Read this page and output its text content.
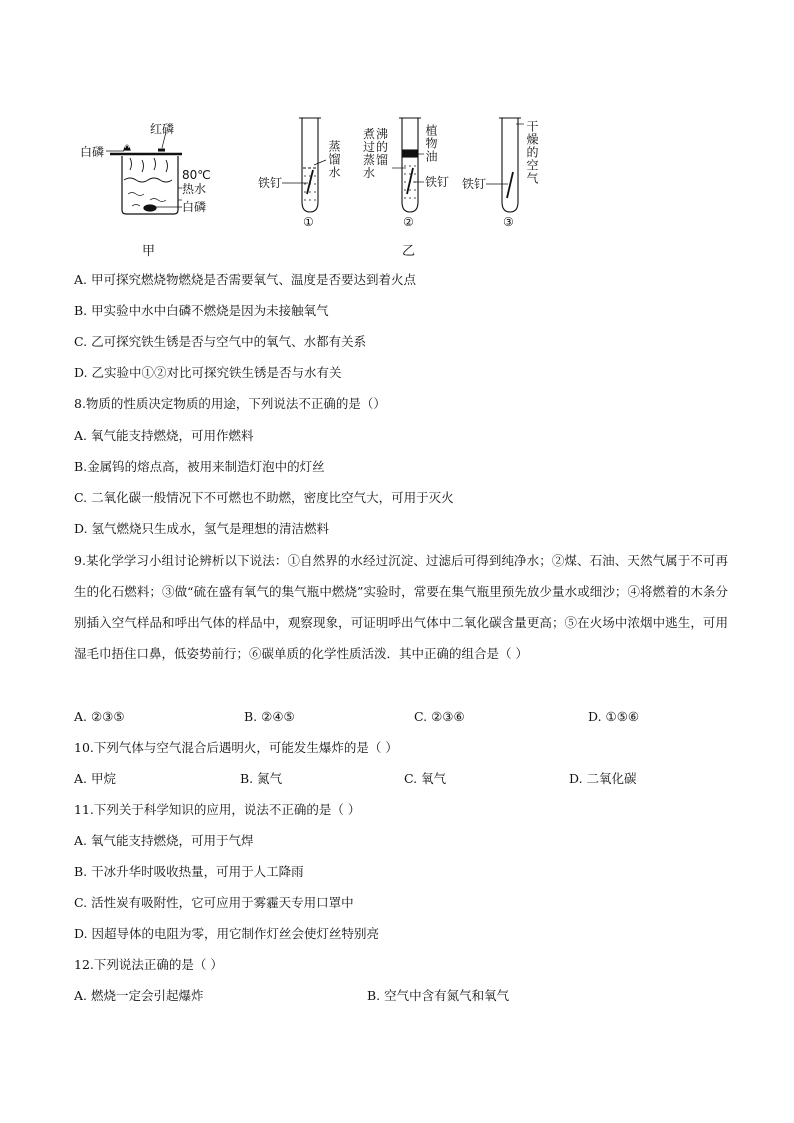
红磷
白磷
80℃
热水
白磷
甲
铁钉
蒸馏水
①
煮沸过的蒸馏水
植物油
铁钉
②
铁钉	干燥的空气
③
乙
A. 甲可探究燃烧物燃烧是否需要氧气、温度是否要达到着火点
B. 甲实验中水中白磷不燃烧是因为未接触氧气
C. 乙可探究铁生锈是否与空气中的氧气、水都有关系
D. 乙实验中①②对比可探究铁生锈是否与水有关
8.物质的性质决定物质的用途，下列说法不正确的是（）
A. 氧气能支持燃烧，可用作燃料
B.金属钨的熔点高，被用来制造灯泡中的灯丝
C. 二氧化碳一般情况下不可燃也不助燃，密度比空气大，可用于灭火
D. 氢气燃烧只生成水，氢气是理想的清洁燃料
9.某化学学习小组讨论辨析以下说法：①自然界的水经过沉淀、过滤后可得到纯净水；②煤、石油、天然气属于不可再生的化石燃料；③做“硫在盛有氧气的集气瓶中燃烧”实验时，常要在集气瓶里预先放少量水或细沙；④将燃着的木条分别插入空气样品和呼出气体的样品中，观察现象，可证明呼出气体中二氧化碳含量更高；⑤在火场中浓烟中逃生，可用湿毛巾捂住口鼻，低姿势前行；⑥碳单质的化学性质活泼．其中正确的组合是（ ）
A. ②③⑤	B. ②④⑤	C. ②③⑥	D. ①⑤⑥
10.下列气体与空气混合后遇明火，可能发生爆炸的是（ ）
A. 甲烷	B. 氮气	C. 氧气	D. 二氧化碳
11.下列关于科学知识的应用，说法不正确的是（ ）
A. 氧气能支持燃烧，可用于气焊
B. 干冰升华时吸收热量，可用于人工降雨
C. 活性炭有吸附性，它可应用于雾霾天专用口罩中
D. 因超导体的电阻为零，用它制作灯丝会使灯丝特别亮
12.下列说法正确的是（ ）
A. 燃烧一定会引起爆炸	B. 空气中含有氮气和氧气
